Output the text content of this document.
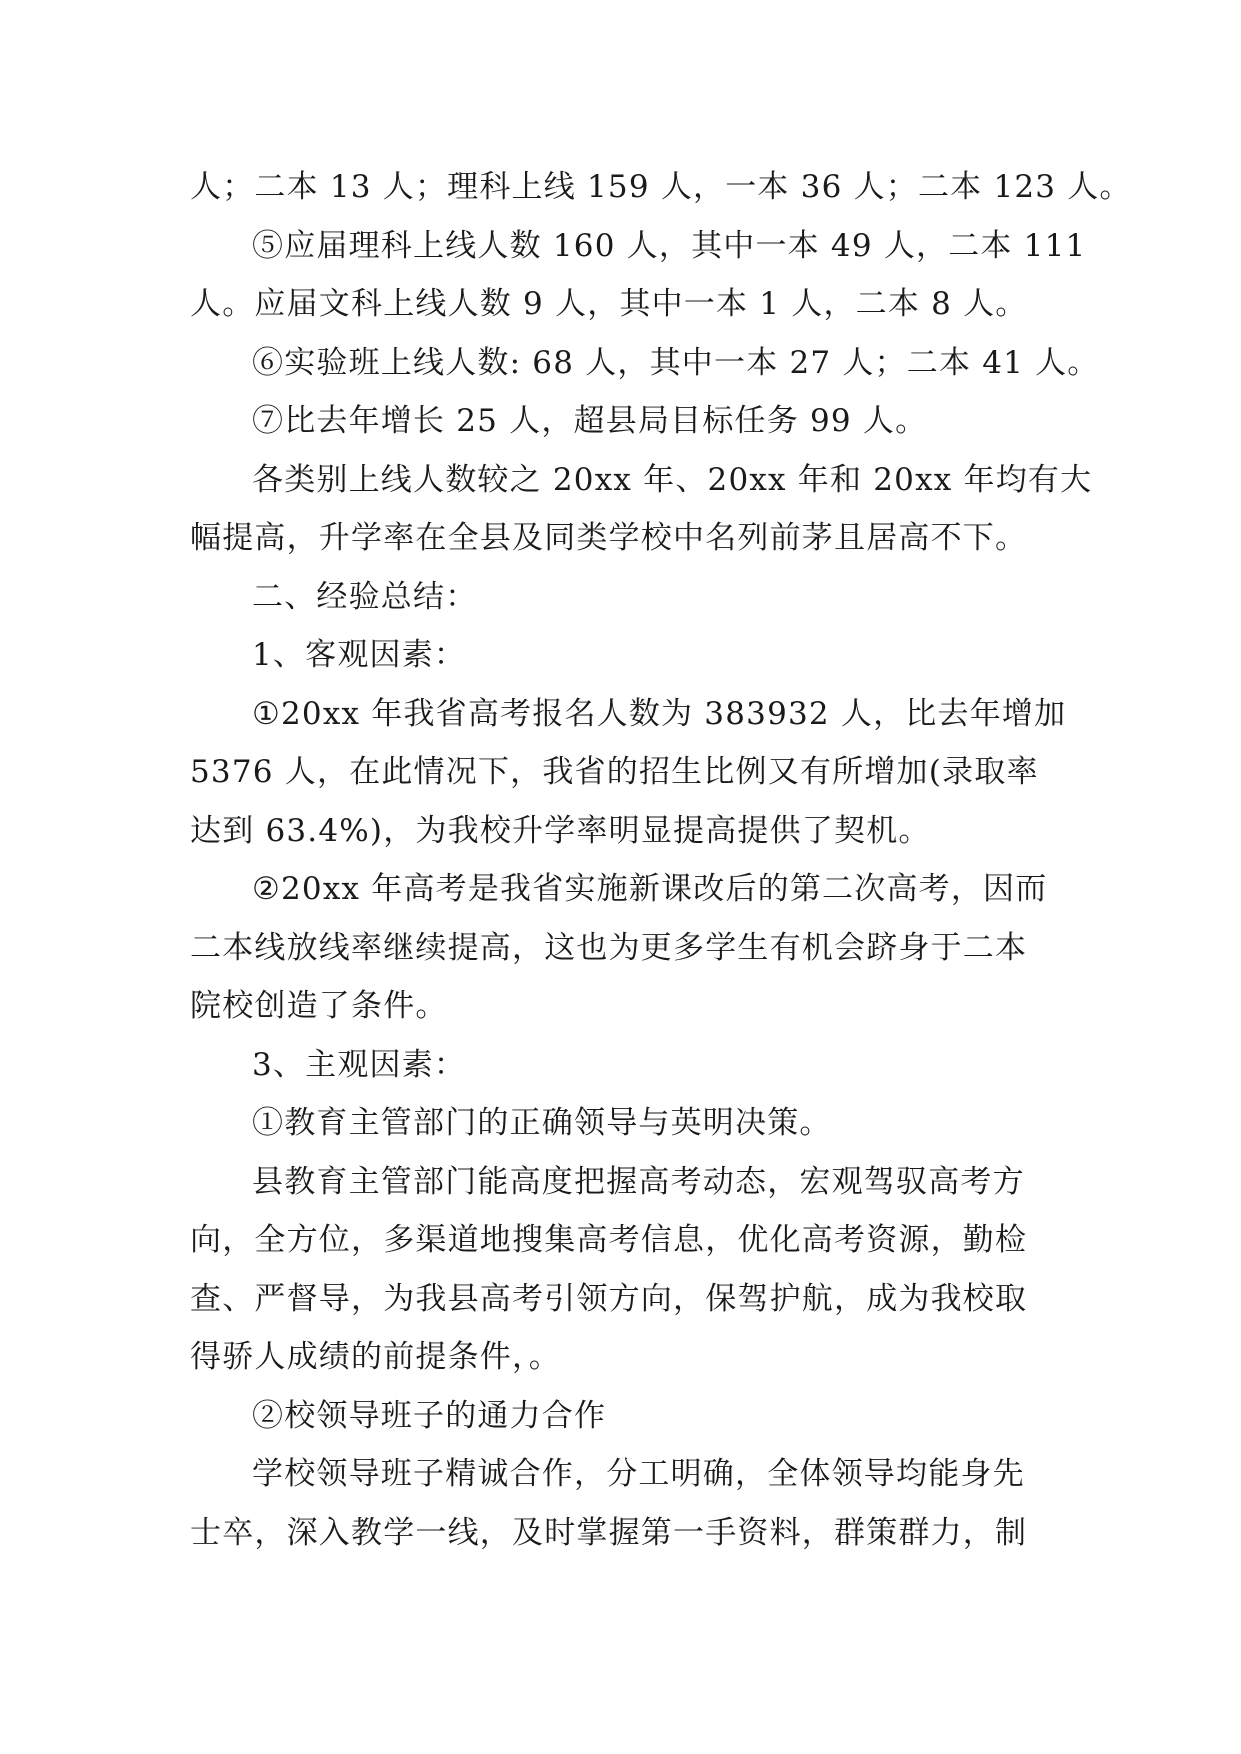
人；二本 13 人；理科上线 159 人，一本 36 人；二本 123 人。
⑤应届理科上线人数 160 人，其中一本 49 人，二本 111
人。应届文科上线人数 9 人，其中一本 1 人，二本 8 人。
⑥实验班上线人数: 68 人，其中一本 27 人；二本 41 人。
⑦比去年增长 25 人，超县局目标任务 99 人。
各类别上线人数较之 20xx 年、20xx 年和 20xx 年均有大
幅提高，升学率在全县及同类学校中名列前茅且居高不下。
二、经验总结：
1、客观因素：
①20xx 年我省高考报名人数为 383932 人，比去年增加
5376 人，在此情况下，我省的招生比例又有所增加(录取率
达到 63.4%)，为我校升学率明显提高提供了契机。
②20xx 年高考是我省实施新课改后的第二次高考，因而
二本线放线率继续提高，这也为更多学生有机会跻身于二本
院校创造了条件。
3、主观因素：
①教育主管部门的正确领导与英明决策。
县教育主管部门能高度把握高考动态，宏观驾驭高考方
向，全方位，多渠道地搜集高考信息，优化高考资源，勤检
查、严督导，为我县高考引领方向，保驾护航，成为我校取
得骄人成绩的前提条件，。
②校领导班子的通力合作
学校领导班子精诚合作，分工明确，全体领导均能身先
士卒，深入教学一线，及时掌握第一手资料，群策群力，制
